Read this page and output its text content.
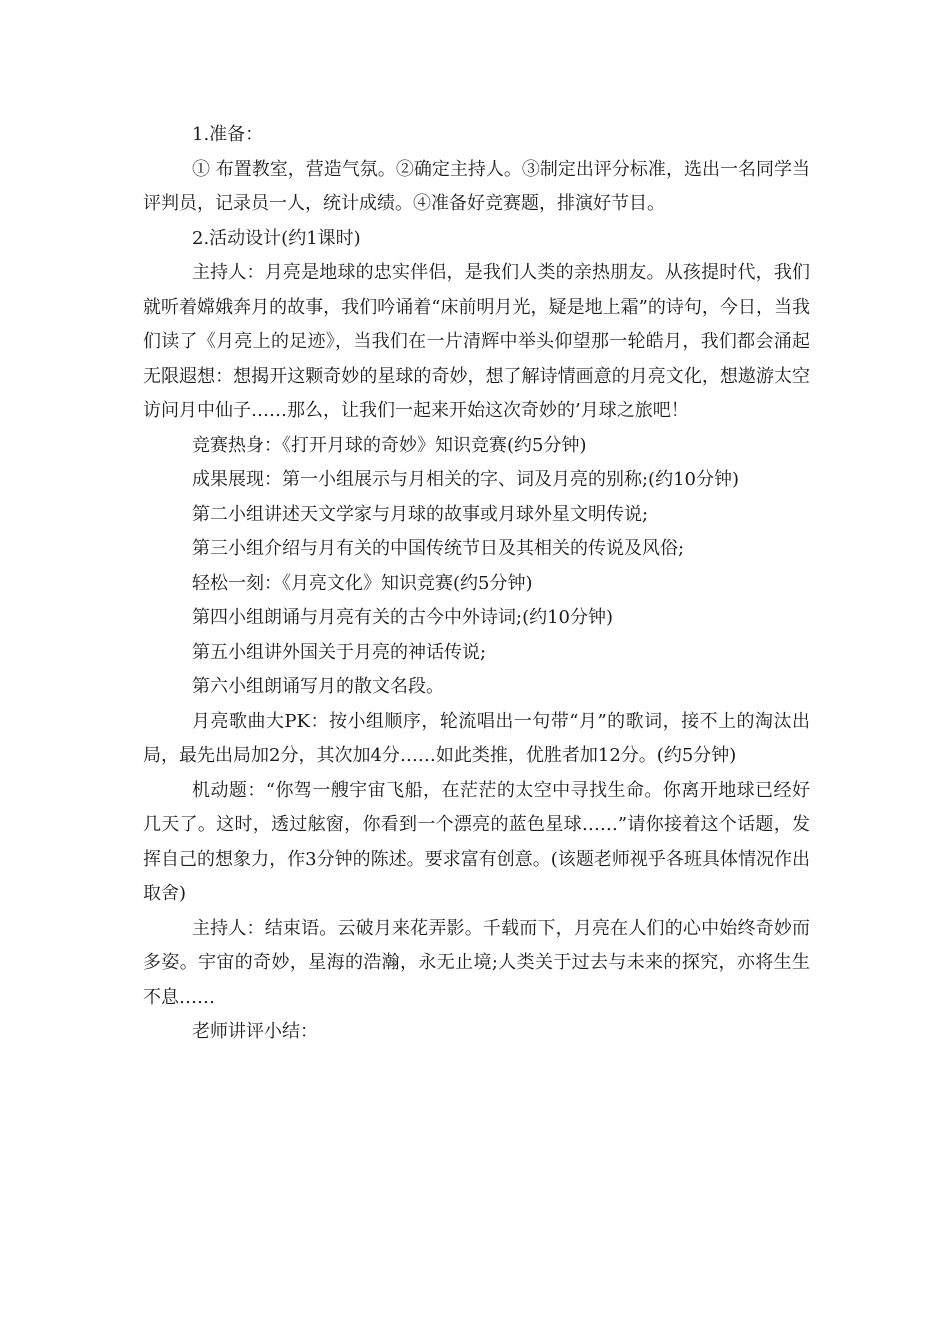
1.准备：

① 布置教室，营造气氛。②确定主持人。③制定出评分标准，选出一名同学当评判员，记录员一人，统计成绩。④准备好竞赛题，排演好节目。

2.活动设计(约1课时)

主持人：月亮是地球的忠实伴侣，是我们人类的亲热朋友。从孩提时代，我们就听着嫦娥奔月的故事，我们吟诵着“床前明月光，疑是地上霜”的诗句，今日，当我们读了《月亮上的足迹》，当我们在一片清辉中举头仰望那一轮皓月，我们都会涌起无限遐想：想揭开这颗奇妙的星球的奇妙，想了解诗情画意的月亮文化，想遨游太空访问月中仙子……那么，让我们一起来开始这次奇妙的’月球之旅吧！

竞赛热身：《打开月球的奇妙》知识竞赛(约5分钟)

成果展现：第一小组展示与月相关的字、词及月亮的别称;(约10分钟)

第二小组讲述天文学家与月球的故事或月球外星文明传说;

第三小组介绍与月有关的中国传统节日及其相关的传说及风俗;

轻松一刻：《月亮文化》知识竞赛(约5分钟)

第四小组朗诵与月亮有关的古今中外诗词;(约10分钟)

第五小组讲外国关于月亮的神话传说;

第六小组朗诵写月的散文名段。

月亮歌曲大PK：按小组顺序，轮流唱出一句带“月”的歌词，接不上的淘汰出局，最先出局加2分，其次加4分……如此类推，优胜者加12分。(约5分钟)

机动题：“你驾一艘宇宙飞船，在茫茫的太空中寻找生命。你离开地球已经好几天了。这时，透过舷窗，你看到一个漂亮的蓝色星球……”请你接着这个话题，发挥自己的想象力，作3分钟的陈述。要求富有创意。(该题老师视乎各班具体情况作出取舍)

主持人：结束语。云破月来花弄影。千载而下，月亮在人们的心中始终奇妙而多姿。宇宙的奇妙，星海的浩瀚，永无止境;人类关于过去与未来的探究，亦将生生不息……

老师讲评小结：
